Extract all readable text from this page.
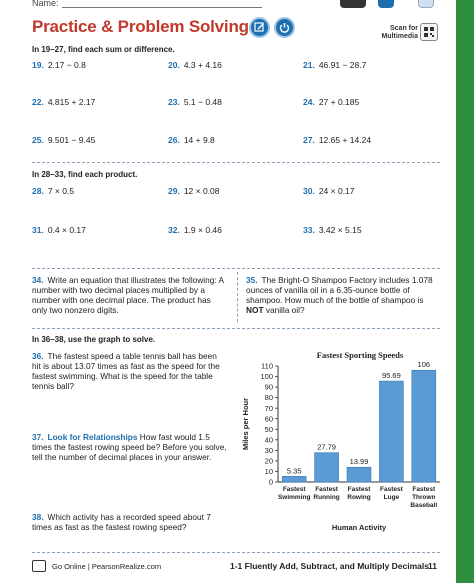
Name:
Practice & Problem Solving	Scan for Multimedia
In 19–27, find each sum or difference.
19. 2.17 − 0.8	20. 4.3 + 4.16	21. 46.91 − 28.7
22. 4.815 + 2.17	23. 5.1 − 0.48	24. 27 + 0.185
25. 9.501 − 9.45	26. 14 + 9.8	27. 12.65 + 14.24
In 28–33, find each product.
28. 7 × 0.5	29. 12 × 0.08	30. 24 × 0.17
31. 0.4 × 0.17	32. 1.9 × 0.46	33. 3.42 × 5.15
34. Write an equation that illustrates the following: A number with two decimal places multiplied by a number with one decimal place. The product has only two nonzero digits.
35. The Bright-O Shampoo Factory includes 1.078 ounces of vanilla oil in a 6.35-ounce bottle of shampoo. How much of the bottle of shampoo is NOT vanilla oil?
In 36–38, use the graph to solve.
36. The fastest speed a table tennis ball has been hit is about 13.07 times as fast as the speed for the fastest swimming. What is the speed for the table tennis ball?
37. Look for Relationships How fast would 1.5 times the fastest rowing speed be? Before you solve, tell the number of decimal places in your answer.
38. Which activity has a recorded speed about 7 times as fast as the fastest rowing speed?
Fastest Sporting Speeds
Miles per Hour
0
10
20
30
40
50
60
70
80
90
100
110
5.35
Fastest
Swimming
27.79
Fastest
Running
13.99
Fastest
Rowing
95.69
Fastest
Luge
106
Fastest
Thrown
Baseball
Human Activity
Go Online | PearsonRealize.com	1-1 Fluently Add, Subtract, and Multiply Decimals 11
